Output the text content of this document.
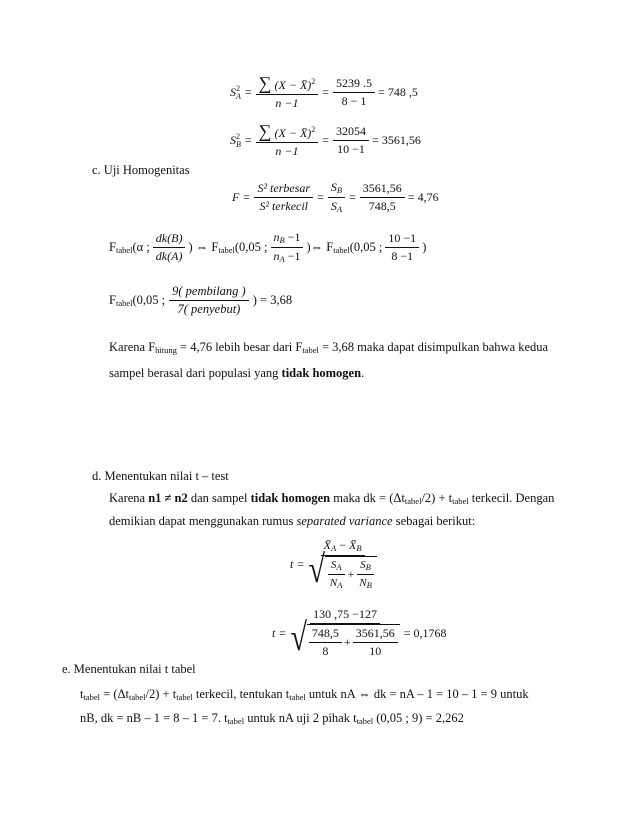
S 2
$A = \frac{\sum (X - X̄)^2}{n -1} = \frac{5239 .5}{8 - 1} = 748$ ,5
S 2
$B = \frac{\sum (X - X̄)^2}{n -1} = \frac{32054}{10 -1} = 3561,56$
c. Uji Homogenitas
$F = \frac{\text{S² terbesar}}{\text{S² terkecil}} = \frac{SB}{SA} = \frac{3561,56}{748,5} = 4,76$
F tabel (α ; $\frac{dk(B)}{dk(A)}$ ) ⇔ F tabel (0,05 ; $\frac{nB -1}{nA -1}$ )⇔ F tabel (0,05 ; $\frac{10 -1}{8 -1}$ )
F tabel (0,05 ; $\frac{\text{9( pembilang )}}{\text{7( penyebut)}}$ ) = 3,68
Karena Fhitung = 4,76 lebih besar dari Ftabel = 3,68 maka dapat disimpulkan bahwa kedua
sampel berasal dari populasi yang tidak homogen.
d. Menentukan nilai t – test
Karena n1 ≠ n2 dan sampel tidak homogen maka dk = (Δttabel/2) + ttabel terkecil. Dengan
demikian dapat menggunakan rumus separated variance sebagai berikut:
t =
X̄A − X̄B
√ $\frac{SA}{NA} + \frac{SB}{NB}$
t =
130 ,75 −127
√ $\frac{748,5}{8} + \frac{3561,56}{10} = 0,1768$
e. Menentukan nilai t tabel
ttabel = (Δttabel/2) + ttabel terkecil, tentukan ttabel untuk nA ⇔ dk = nA – 1 = 10 – 1 = 9 untuk
nB, dk = nB – 1 = 8 – 1 = 7. ttabel untuk nA uji 2 pihak ttabel (0,05 ; 9) = 2,262
